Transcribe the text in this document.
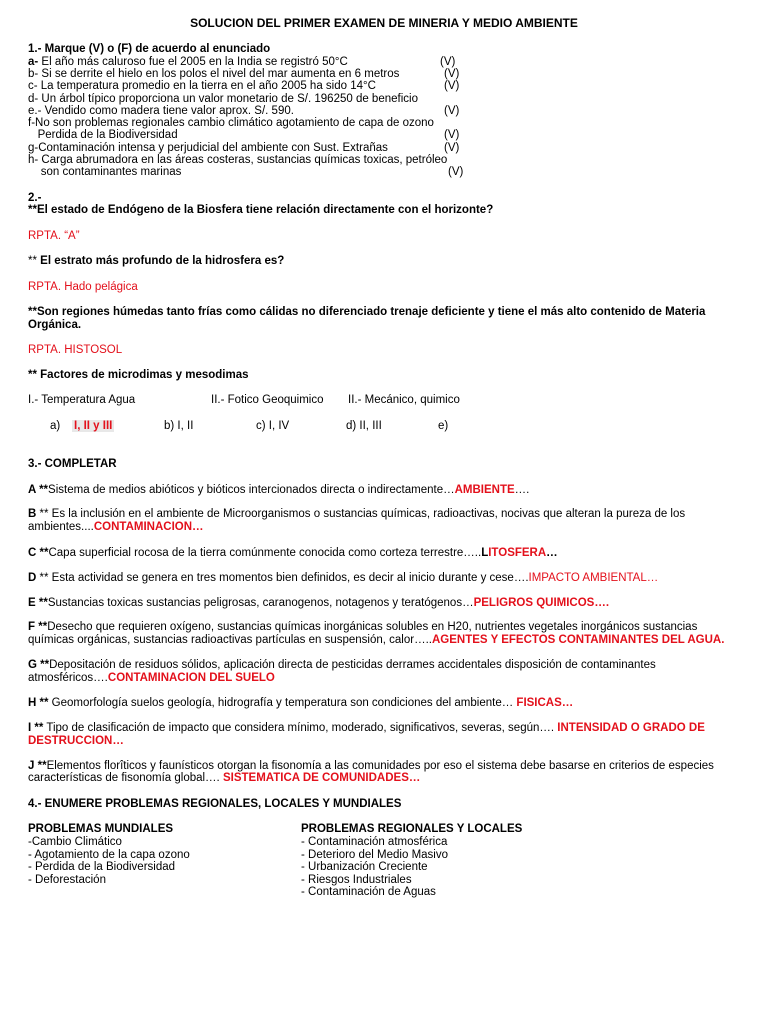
SOLUCION DEL PRIMER EXAMEN DE MINERIA Y MEDIO AMBIENTE
1.- Marque (V) o (F) de acuerdo al enunciado
a- El año más caluroso fue el 2005 en la India se registró 50°C	(V)
b- Si se derrite el hielo en los polos el nivel del mar aumenta en 6 metros	(V)
c- La temperatura promedio en la tierra en el año 2005 ha sido 14°C	(V)
d- Un árbol típico proporciona un valor monetario de S/. 196250 de beneficio
e.- Vendido como madera tiene valor aprox. S/. 590.	(V)
f-No son problemas regionales cambio climático agotamiento de capa de ozono
Perdida de la Biodiversidad	(V)
g-Contaminación intensa y perjudicial del ambiente con Sust. Extrañas	(V)
h- Carga abrumadora en las áreas costeras, sustancias químicas toxicas, petróleo
son contaminantes marinas	(V)
2.-
**El estado de Endógeno de la Biosfera tiene relación directamente con el horizonte?
RPTA. “A”
** El estrato más profundo de la hidrosfera es?
RPTA. Hado pelágica
**Son regiones húmedas tanto frías como cálidas no diferenciado trenaje deficiente y tiene el más alto contenido de Materia Orgánica.
RPTA. HISTOSOL
** Factores de microdimas y mesodimas
I.- Temperatura Agua	II.- Fotico Geoquimico II.- Mecánico, quimico
a) I, II y III	b) I, II	c) I, IV	d) II, III	e)
3.- COMPLETAR
A **Sistema de medios abióticos y bióticos intercionados directa o indirectamente…AMBIENTE….
B ** Es la inclusión en el ambiente de Microorganismos o sustancias químicas, radioactivas, nocivas que alteran la pureza de los
ambientes....CONTAMINACION…
C **Capa superficial rocosa de la tierra comúnmente conocida como corteza terrestre…..LITOSFERA…
D ** Esta actividad se genera en tres momentos bien definidos, es decir al inicio durante y cese….IMPACTO AMBIENTAL…
E **Sustancias toxicas sustancias peligrosas, caranogenos, notagenos y teratógenos…PELIGROS QUIMICOS….
F **Desecho que requieren oxígeno, sustancias químicas inorgánicas solubles en H20, nutrientes vegetales inorgánicos sustancias
químicas orgánicas, sustancias radioactivas partículas en suspensión, calor…..AGENTES Y EFECTOS CONTAMINANTES DEL AGUA.
G **Depositación de residuos sólidos, aplicación directa de pesticidas derrames accidentales disposición de contaminantes
atmosféricos….CONTAMINACION DEL SUELO
H ** Geomorfología suelos geología, hidrografía y temperatura son condiciones del ambiente… FISICAS…
I ** Tipo de clasificación de impacto que considera mínimo, moderado, significativos, severas, según…. INTENSIDAD O GRADO DE
DESTRUCCION…
J **Elementos florîticos y faunísticos otorgan la fisonomía a las comunidades por eso el sistema debe basarse en criterios de especies
características de fisonomía global…. SISTEMATICA DE COMUNIDADES…
4.- ENUMERE PROBLEMAS REGIONALES, LOCALES Y MUNDIALES
PROBLEMAS MUNDIALES
-Cambio Climático
- Agotamiento de la capa ozono
- Perdida de la Biodiversidad
- Deforestación
PROBLEMAS REGIONALES Y LOCALES
- Contaminación atmosférica
- Deterioro del Medio Masivo
- Urbanización Creciente
- Riesgos Industriales
- Contaminación de Aguas
